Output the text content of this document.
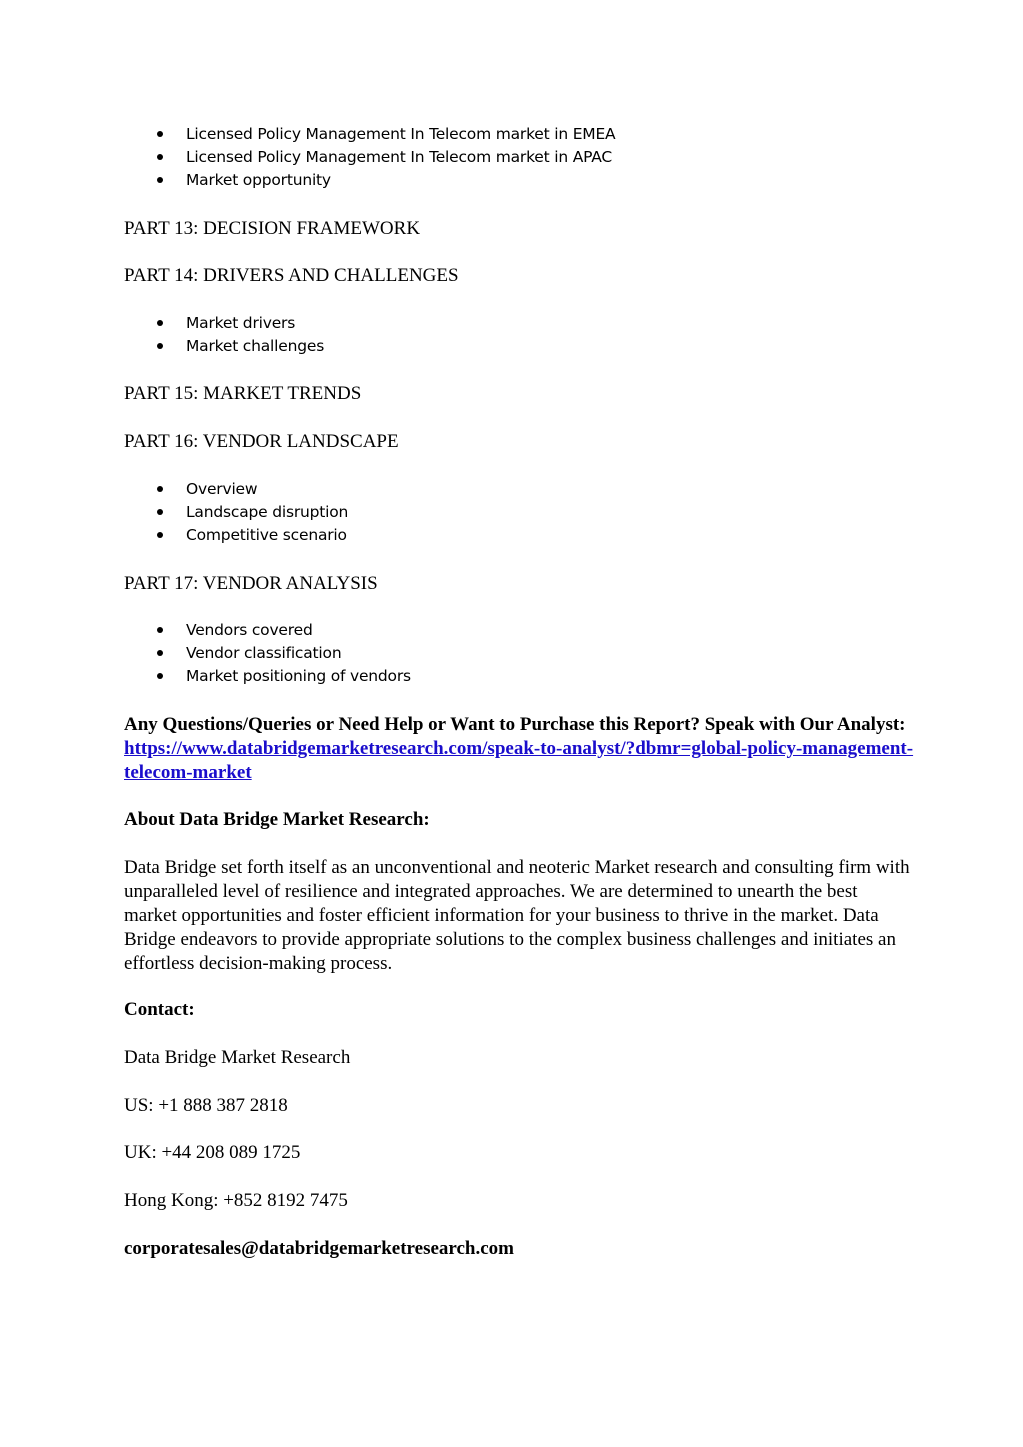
Licensed Policy Management In Telecom market in EMEA
Licensed Policy Management In Telecom market in APAC
Market opportunity
PART 13: DECISION FRAMEWORK
PART 14: DRIVERS AND CHALLENGES
Market drivers
Market challenges
PART 15: MARKET TRENDS
PART 16: VENDOR LANDSCAPE
Overview
Landscape disruption
Competitive scenario
PART 17: VENDOR ANALYSIS
Vendors covered
Vendor classification
Market positioning of vendors

Any Questions/Queries or Need Help or Want to Purchase this Report? Speak with Our Analyst: https://www.databridgemarketresearch.com/speak-to-analyst/?dbmr=global-policy-management-telecom-market

About Data Bridge Market Research:

Data Bridge set forth itself as an unconventional and neoteric Market research and consulting firm with unparalleled level of resilience and integrated approaches. We are determined to unearth the best market opportunities and foster efficient information for your business to thrive in the market. Data Bridge endeavors to provide appropriate solutions to the complex business challenges and initiates an effortless decision-making process.

Contact:

Data Bridge Market Research

US: +1 888 387 2818

UK: +44 208 089 1725

Hong Kong: +852 8192 7475

corporatesales@databridgemarketresearch.com
